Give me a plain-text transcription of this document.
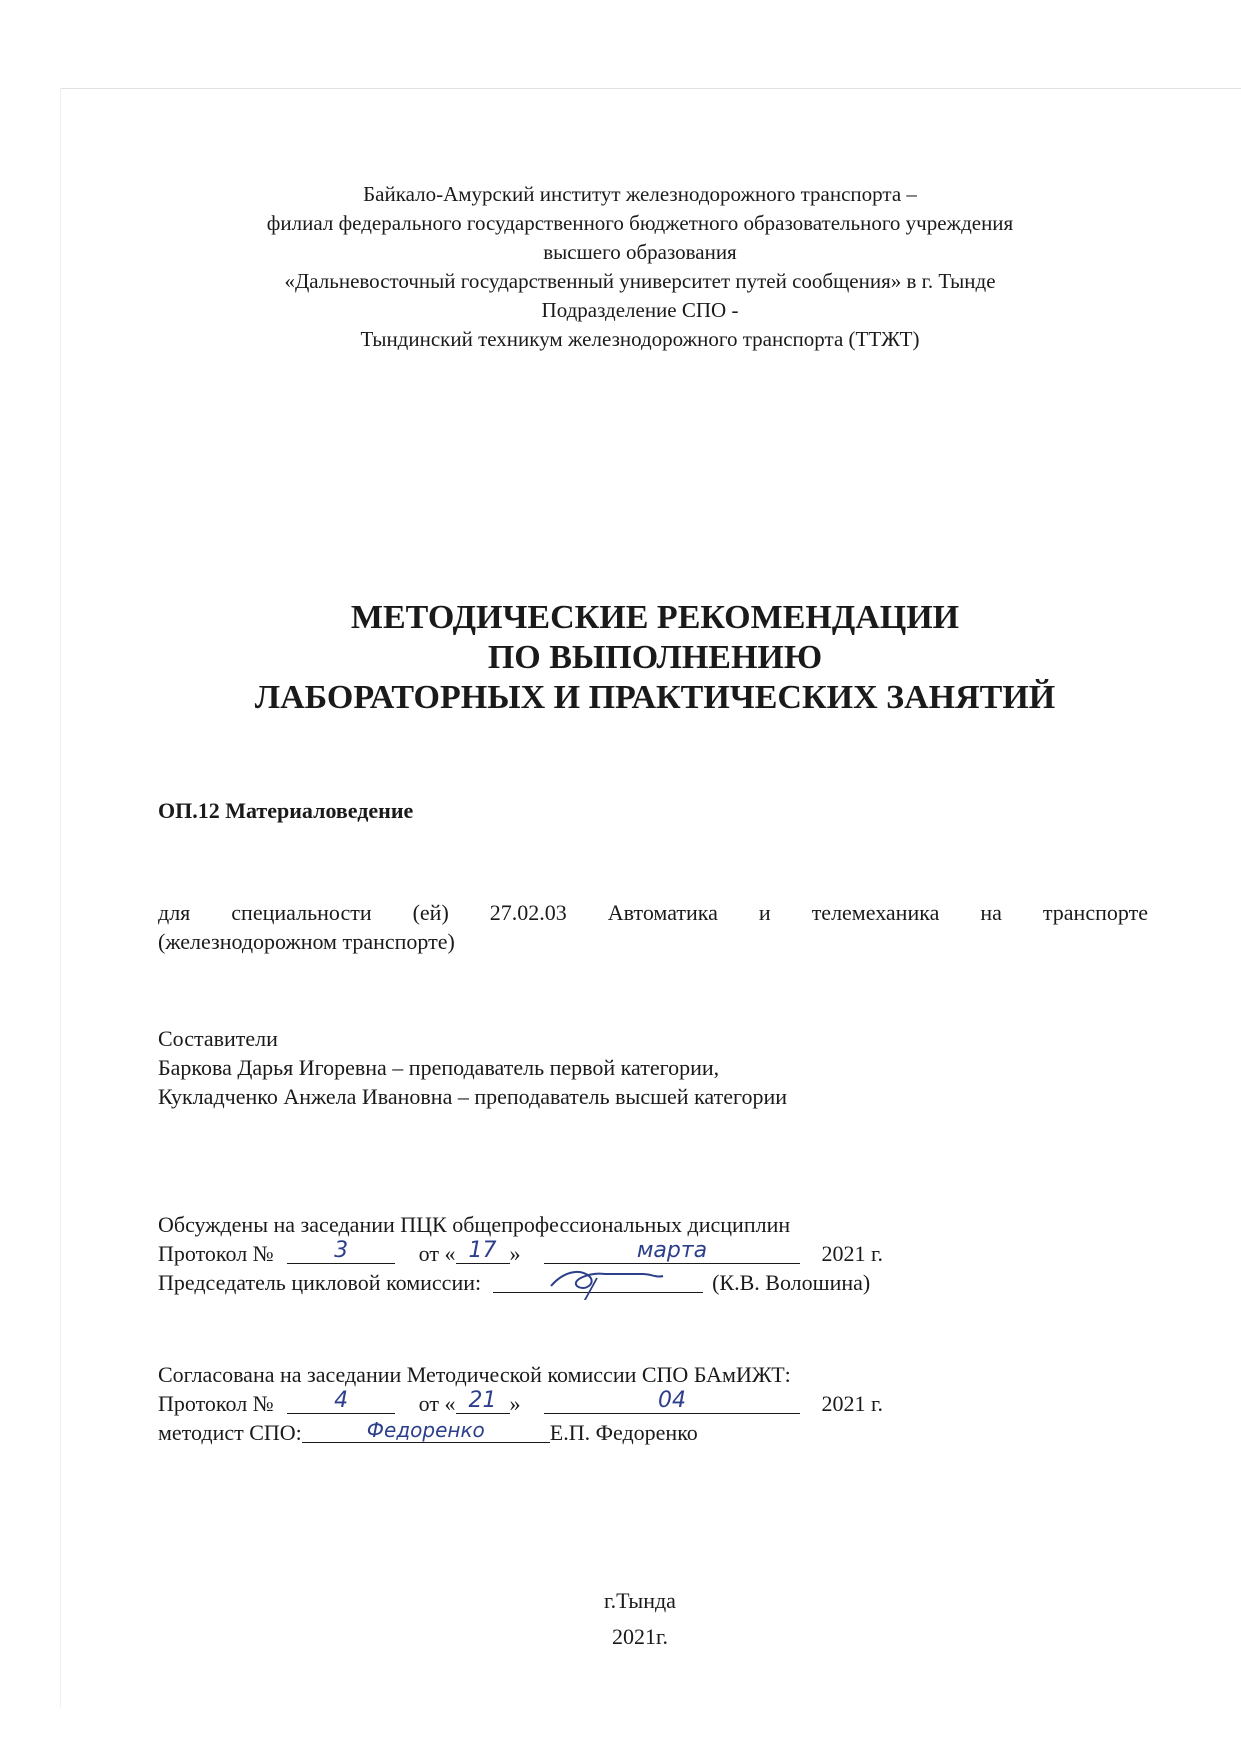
Байкало-Амурский институт железнодорожного транспорта –
филиал федерального государственного бюджетного образовательного учреждения
высшего образования
«Дальневосточный государственный университет путей сообщения» в г. Тынде
Подразделение СПО -
Тындинский техникум железнодорожного транспорта (ТТЖТ)
МЕТОДИЧЕСКИЕ РЕКОМЕНДАЦИИ
ПО ВЫПОЛНЕНИЮ
ЛАБОРАТОРНЫХ И ПРАКТИЧЕСКИХ ЗАНЯТИЙ
ОП.12 Материаловедение
для специальности (ей) 27.02.03 Автоматика и телемеханика на транспорте
(железнодорожном транспорте)
Составители
Баркова Дарья Игоревна – преподаватель первой категории,
Кукладченко Анжела Ивановна – преподаватель высшей категории
Обсуждены на заседании ПЦК общепрофессиональных дисциплин
Протокол №	3	от « 17 »	марта	2021 г.
Председатель цикловой комиссии:	(К.В. Волошина)
Согласована на заседании Методической комиссии СПО БАмИЖТ:
Протокол №	4	от « 21 »	04	2021 г.
методист СПО:	Федоренко	Е.П. Федоренко
г.Тында
2021г.
